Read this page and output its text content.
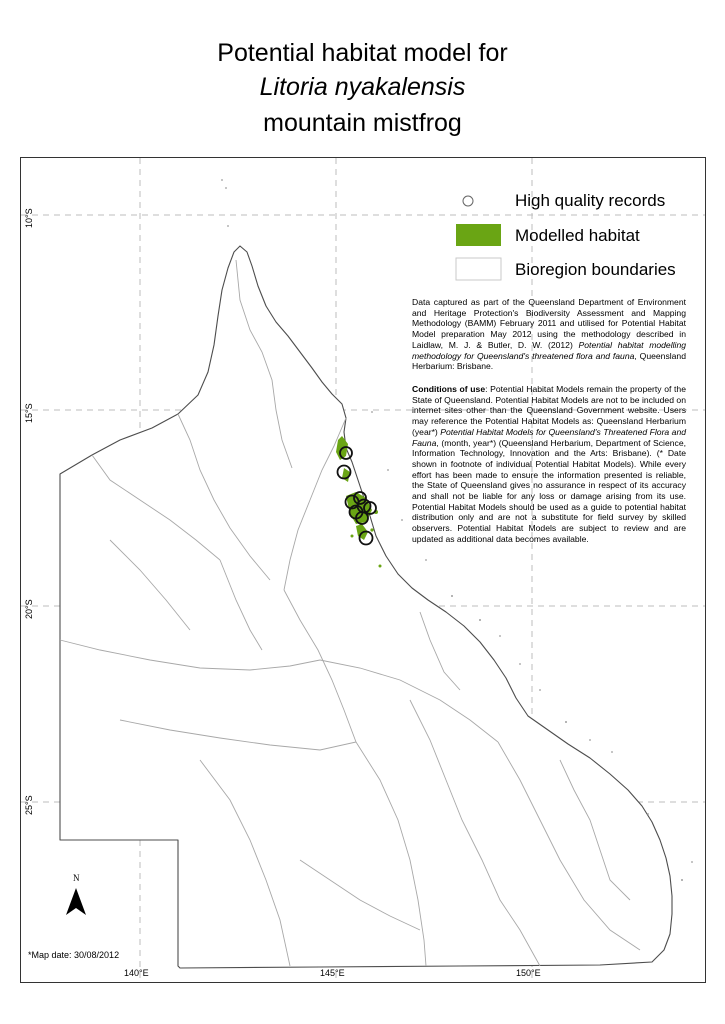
Potential habitat model for
Litoria nyakalensis
mountain mistfrog
High quality records
Modelled habitat
Bioregion boundaries
Data captured as part of the Queensland Department of Environment and Heritage Protection's Biodiversity Assessment and Mapping Methodology (BAMM) February 2011 and utilised for Potential Habitat Model preparation May 2012 using the methodology described in Laidlaw, M. J. & Butler, D. W. (2012) Potential habitat modelling methodology for Queensland's threatened flora and fauna, Queensland Herbarium: Brisbane.
Conditions of use: Potential Habitat Models remain the property of the State of Queensland. Potential Habitat Models are not to be included on internet sites other than the Queensland Government website. Users may reference the Potential Habitat Models as: Queensland Herbarium (year*) Potential Habitat Models for Queensland's Threatened Flora and Fauna, (month, year*) (Queensland Herbarium, Department of Science, Information Technology, Innovation and the Arts: Brisbane). (* Date shown in footnote of individual Potential Habitat Models). While every effort has been made to ensure the information presented is reliable, the State of Queensland gives no assurance in respect of its accuracy and shall not be liable for any loss or damage arising from its use. Potential Habitat Models should be used as a guide to potential habitat distribution only and are not a substitute for field survey by skilled observers. Potential Habitat Models are subject to review and are updated as additional data becomes available.
N
*Map date: 30/08/2012
140°E	145°E	150°E
10°S
15°S
20°S
25°S
